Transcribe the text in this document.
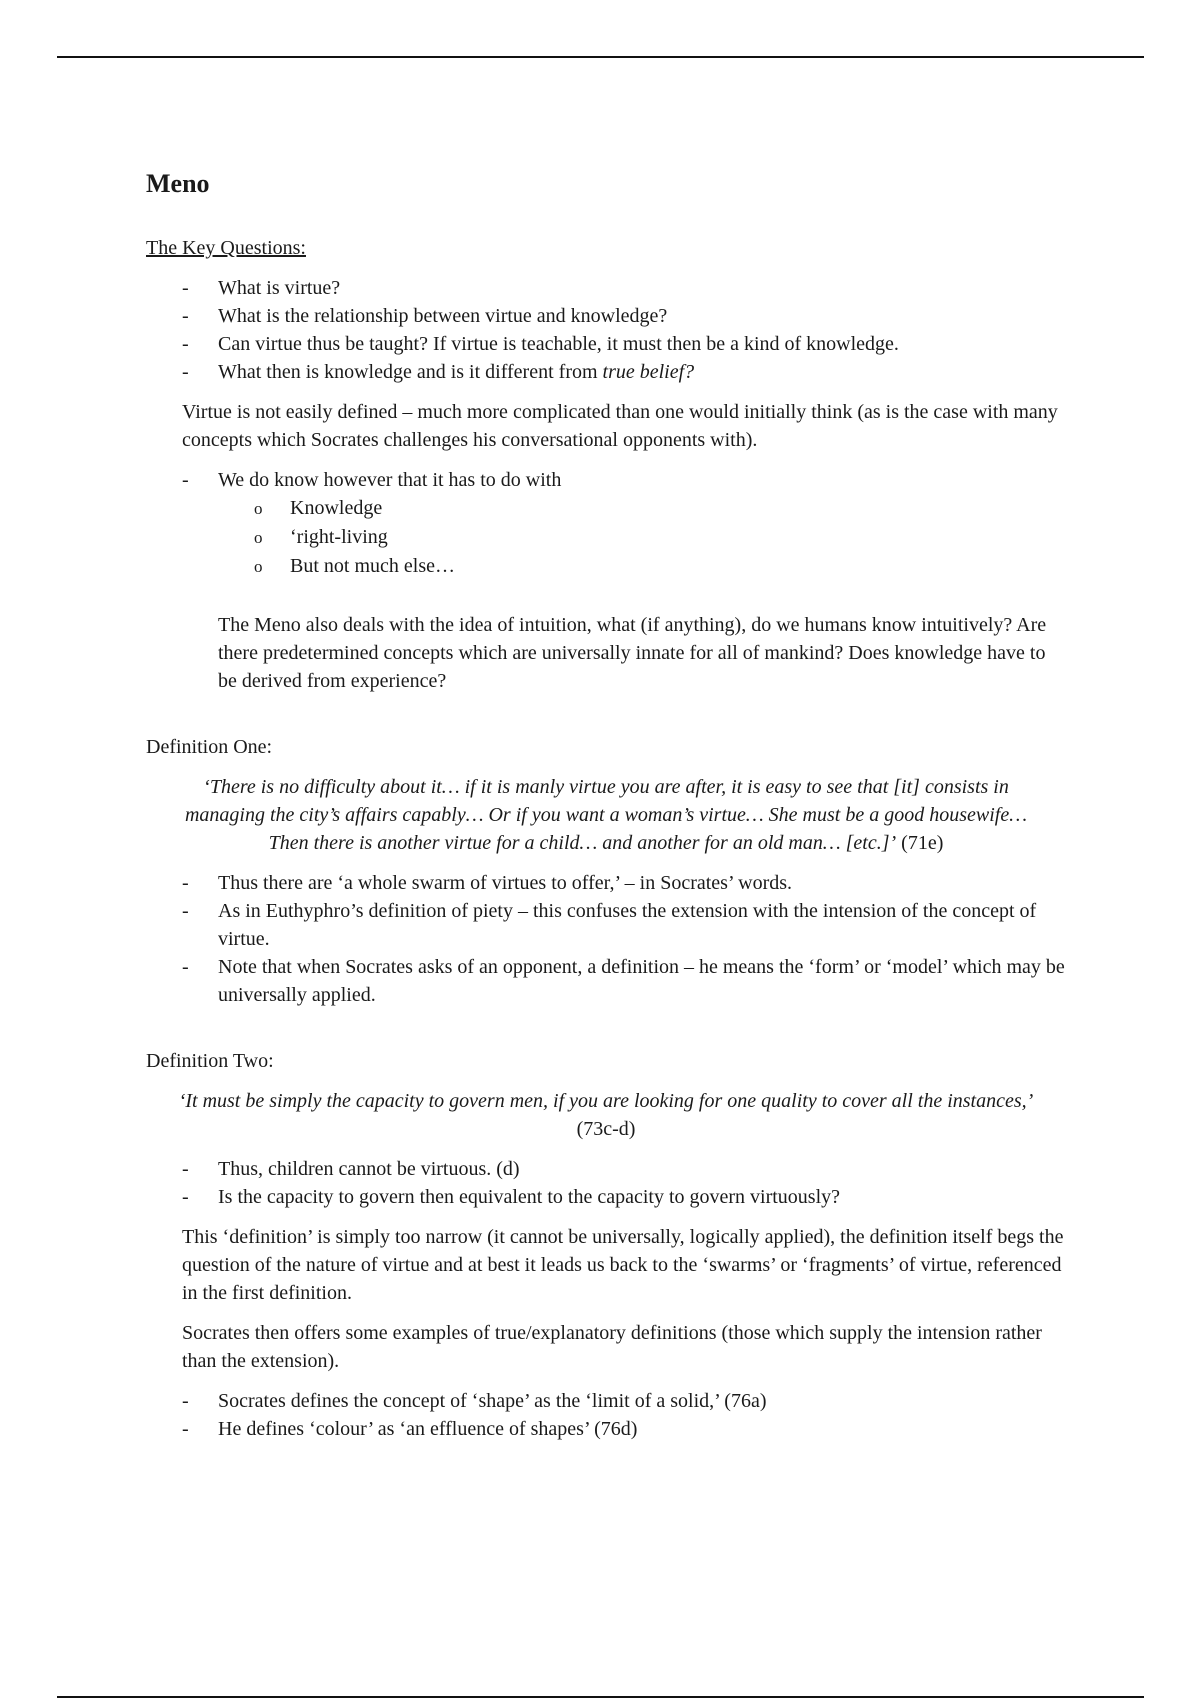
Meno

The Key Questions:

- What is virtue?
- What is the relationship between virtue and knowledge?
- Can virtue thus be taught? If virtue is teachable, it must then be a kind of knowledge.
- What then is knowledge and is it different from true belief?

Virtue is not easily defined – much more complicated than one would initially think (as is the case with many concepts which Socrates challenges his conversational opponents with).

- We do know however that it has to do with
o Knowledge
o ‘right-living
o But not much else…

The Meno also deals with the idea of intuition, what (if anything), do we humans know intuitively? Are there predetermined concepts which are universally innate for all of mankind? Does knowledge have to be derived from experience?

Definition One:

‘There is no difficulty about it… if it is manly virtue you are after, it is easy to see that [it] consists in managing the city’s affairs capably… Or if you want a woman’s virtue… She must be a good housewife… Then there is another virtue for a child… and another for an old man… [etc.]’ (71e)

- Thus there are ‘a whole swarm of virtues to offer,’ – in Socrates’ words.
- As in Euthyphro’s definition of piety – this confuses the extension with the intension of the concept of virtue.
- Note that when Socrates asks of an opponent, a definition – he means the ‘form’ or ‘model’ which may be universally applied.

Definition Two:

‘It must be simply the capacity to govern men, if you are looking for one quality to cover all the instances,’ (73c-d)

- Thus, children cannot be virtuous. (d)
- Is the capacity to govern then equivalent to the capacity to govern virtuously?

This ‘definition’ is simply too narrow (it cannot be universally, logically applied), the definition itself begs the question of the nature of virtue and at best it leads us back to the ‘swarms’ or ‘fragments’ of virtue, referenced in the first definition.

Socrates then offers some examples of true/explanatory definitions (those which supply the intension rather than the extension).

- Socrates defines the concept of ‘shape’ as the ‘limit of a solid,’ (76a)
- He defines ‘colour’ as ‘an effluence of shapes’ (76d)
